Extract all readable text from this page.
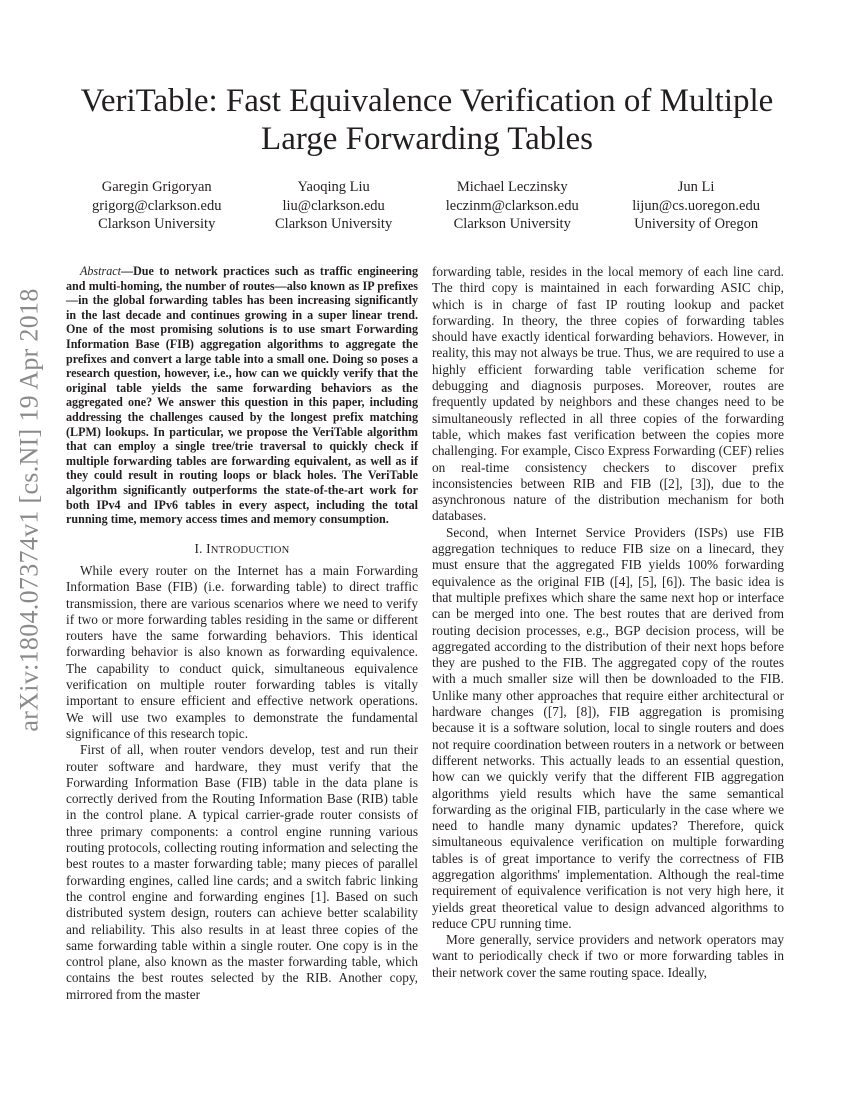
arXiv:1804.07374v1 [cs.NI] 19 Apr 2018
VeriTable: Fast Equivalence Verification of Multiple Large Forwarding Tables
Garegin Grigoryan
grigorg@clarkson.edu
Clarkson University
Yaoqing Liu
liu@clarkson.edu
Clarkson University
Michael Leczinsky
leczinm@clarkson.edu
Clarkson University
Jun Li
lijun@cs.uoregon.edu
University of Oregon

Abstract—Due to network practices such as traffic engineering and multi-homing, the number of routes—also known as IP prefixes—in the global forwarding tables has been increasing significantly in the last decade and continues growing in a super linear trend. One of the most promising solutions is to use smart Forwarding Information Base (FIB) aggregation algorithms to aggregate the prefixes and convert a large table into a small one. Doing so poses a research question, however, i.e., how can we quickly verify that the original table yields the same forwarding behaviors as the aggregated one? We answer this question in this paper, including addressing the challenges caused by the longest prefix matching (LPM) lookups. In particular, we propose the VeriTable algorithm that can employ a single tree/trie traversal to quickly check if multiple forwarding tables are forwarding equivalent, as well as if they could result in routing loops or black holes. The VeriTable algorithm significantly outperforms the state-of-the-art work for both IPv4 and IPv6 tables in every aspect, including the total running time, memory access times and memory consumption.

I. INTRODUCTION

While every router on the Internet has a main Forwarding Information Base (FIB) (i.e. forwarding table) to direct traffic transmission, there are various scenarios where we need to verify if two or more forwarding tables residing in the same or different routers have the same forwarding behaviors. This identical forwarding behavior is also known as forwarding equivalence. The capability to conduct quick, simultaneous equivalence verification on multiple router forwarding tables is vitally important to ensure efficient and effective network operations. We will use two examples to demonstrate the fundamental significance of this research topic.

First of all, when router vendors develop, test and run their router software and hardware, they must verify that the Forwarding Information Base (FIB) table in the data plane is correctly derived from the Routing Information Base (RIB) table in the control plane. A typical carrier-grade router consists of three primary components: a control engine running various routing protocols, collecting routing information and selecting the best routes to a master forwarding table; many pieces of parallel forwarding engines, called line cards; and a switch fabric linking the control engine and forwarding engines [1]. Based on such distributed system design, routers can achieve better scalability and reliability. This also results in at least three copies of the same forwarding table within a single router. One copy is in the control plane, also known as the master forwarding table, which contains the best routes selected by the RIB. Another copy, mirrored from the master

forwarding table, resides in the local memory of each line card. The third copy is maintained in each forwarding ASIC chip, which is in charge of fast IP routing lookup and packet forwarding. In theory, the three copies of forwarding tables should have exactly identical forwarding behaviors. However, in reality, this may not always be true. Thus, we are required to use a highly efficient forwarding table verification scheme for debugging and diagnosis purposes. Moreover, routes are frequently updated by neighbors and these changes need to be simultaneously reflected in all three copies of the forwarding table, which makes fast verification between the copies more challenging. For example, Cisco Express Forwarding (CEF) relies on real-time consistency checkers to discover prefix inconsistencies between RIB and FIB ([2], [3]), due to the asynchronous nature of the distribution mechanism for both databases.

Second, when Internet Service Providers (ISPs) use FIB aggregation techniques to reduce FIB size on a linecard, they must ensure that the aggregated FIB yields 100% forwarding equivalence as the original FIB ([4], [5], [6]). The basic idea is that multiple prefixes which share the same next hop or interface can be merged into one. The best routes that are derived from routing decision processes, e.g., BGP decision process, will be aggregated according to the distribution of their next hops before they are pushed to the FIB. The aggregated copy of the routes with a much smaller size will then be downloaded to the FIB. Unlike many other approaches that require either architectural or hardware changes ([7], [8]), FIB aggregation is promising because it is a software solution, local to single routers and does not require coordination between routers in a network or between different networks. This actually leads to an essential question, how can we quickly verify that the different FIB aggregation algorithms yield results which have the same semantical forwarding as the original FIB, particularly in the case where we need to handle many dynamic updates? Therefore, quick simultaneous equivalence verification on multiple forwarding tables is of great importance to verify the correctness of FIB aggregation algorithms' implementation. Although the real-time requirement of equivalence verification is not very high here, it yields great theoretical value to design advanced algorithms to reduce CPU running time.

More generally, service providers and network operators may want to periodically check if two or more forwarding tables in their network cover the same routing space. Ideally,
